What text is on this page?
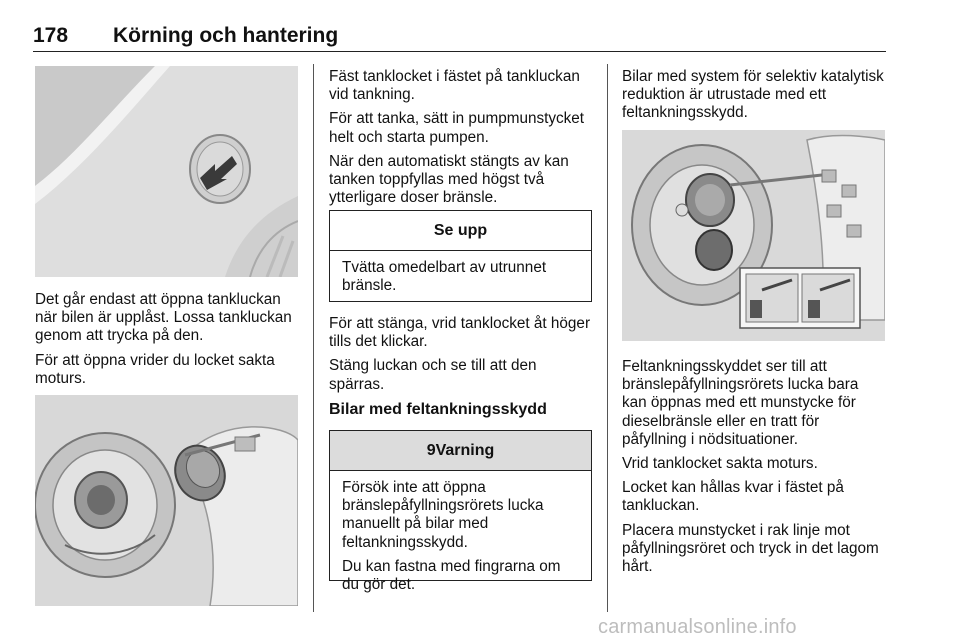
178 Körning och hantering

Det går endast att öppna tankluckan när bilen är upplåst. Lossa tankluckan genom att trycka på den.

För att öppna vrider du locket sakta moturs.

Fäst tanklocket i fästet på tankluckan vid tankning.

För att tanka, sätt in pumpmunstycket helt och starta pumpen.

När den automatiskt stängts av kan tanken toppfyllas med högst två ytterligare doser bränsle.

Se upp

Tvätta omedelbart av utrunnet bränsle.

För att stänga, vrid tanklocket åt höger tills det klickar.

Stäng luckan och se till att den spärras.

Bilar med feltankningsskydd
9 Varning

Försök inte att öppna bränslepåfyllningsrörets lucka manuellt på bilar med feltankningsskydd.

Du kan fastna med fingrarna om du gör det.

Bilar med system för selektiv katalytisk reduktion är utrustade med ett feltankningsskydd.

Feltankningsskyddet ser till att bränslepåfyllningsrörets lucka bara kan öppnas med ett munstycke för dieselbränsle eller en tratt för påfyllning i nödsituationer.

Vrid tanklocket sakta moturs.

Locket kan hållas kvar i fästet på tankluckan.

Placera munstycket i rak linje mot påfyllningsröret och tryck in det lagom hårt.

carmanualsonline.info
